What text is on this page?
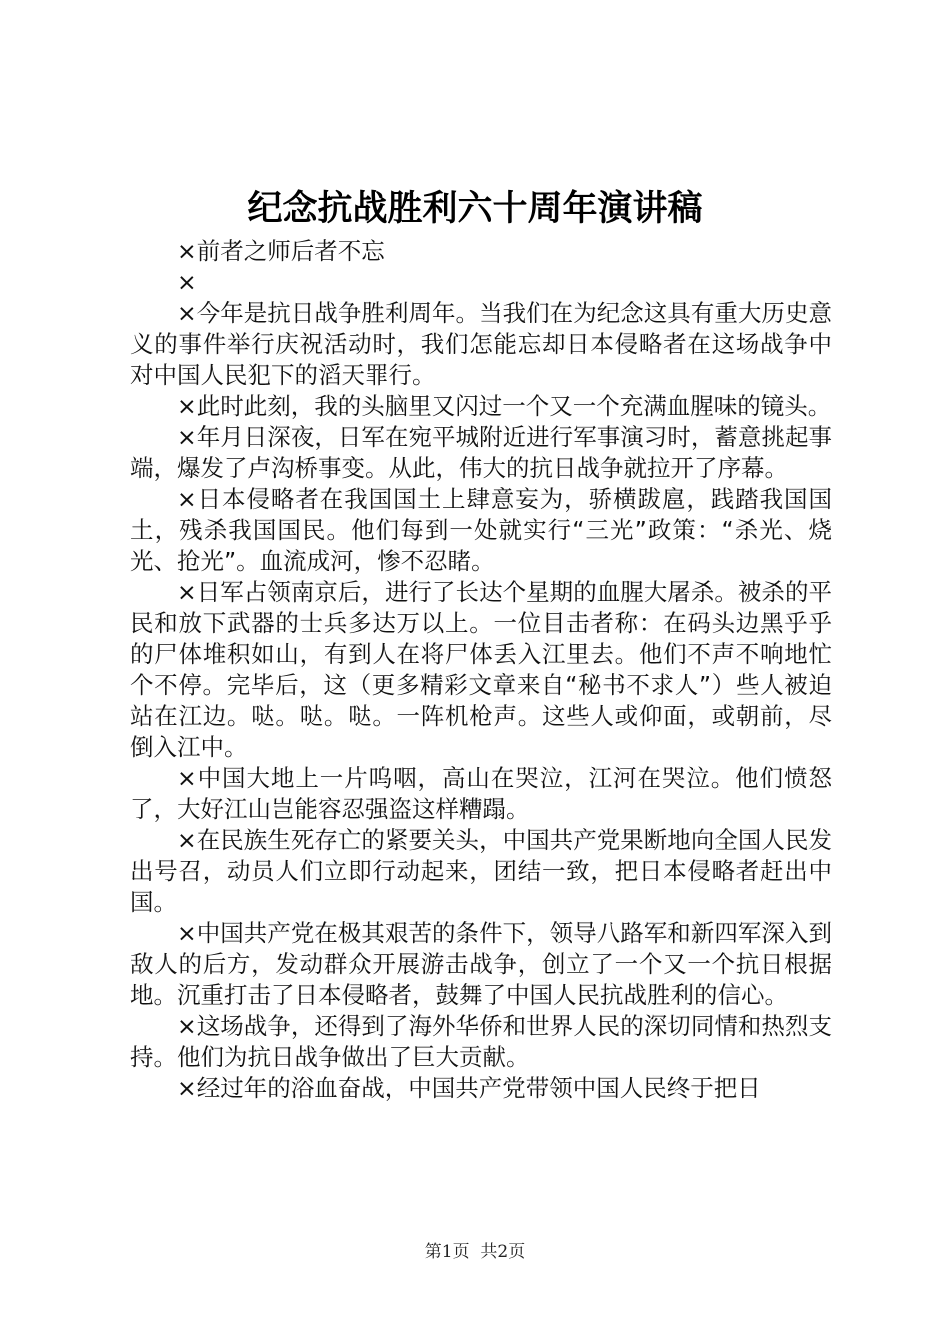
纪念抗战胜利六十周年演讲稿

×前者之师后者不忘

×

×今年是抗日战争胜利周年。当我们在为纪念这具有重大历史意义的事件举行庆祝活动时，我们怎能忘却日本侵略者在这场战争中对中国人民犯下的滔天罪行。

×此时此刻，我的头脑里又闪过一个又一个充满血腥味的镜头。

×年月日深夜，日军在宛平城附近进行军事演习时，蓄意挑起事端，爆发了卢沟桥事变。从此，伟大的抗日战争就拉开了序幕。

×日本侵略者在我国国土上肆意妄为，骄横跋扈，践踏我国国土，残杀我国国民。他们每到一处就实行“三光”政策：“杀光、烧光、抢光”。血流成河，惨不忍睹。

×日军占领南京后，进行了长达个星期的血腥大屠杀。被杀的平民和放下武器的士兵多达万以上。一位目击者称：在码头边黑乎乎的尸体堆积如山，有到人在将尸体丢入江里去。他们不声不响地忙个不停。完毕后，这（更多精彩文章来自“秘书不求人”）些人被迫站在江边。哒。哒。哒。一阵机枪声。这些人或仰面，或朝前，尽倒入江中。

×中国大地上一片呜咽，高山在哭泣，江河在哭泣。他们愤怒了，大好江山岂能容忍强盗这样糟蹋。

×在民族生死存亡的紧要关头，中国共产党果断地向全国人民发出号召，动员人们立即行动起来，团结一致，把日本侵略者赶出中国。

×中国共产党在极其艰苦的条件下，领导八路军和新四军深入到敌人的后方，发动群众开展游击战争，创立了一个又一个抗日根据地。沉重打击了日本侵略者，鼓舞了中国人民抗战胜利的信心。

×这场战争，还得到了海外华侨和世界人民的深切同情和热烈支持。他们为抗日战争做出了巨大贡献。

×经过年的浴血奋战，中国共产党带领中国人民终于把日

第1页 共2页
